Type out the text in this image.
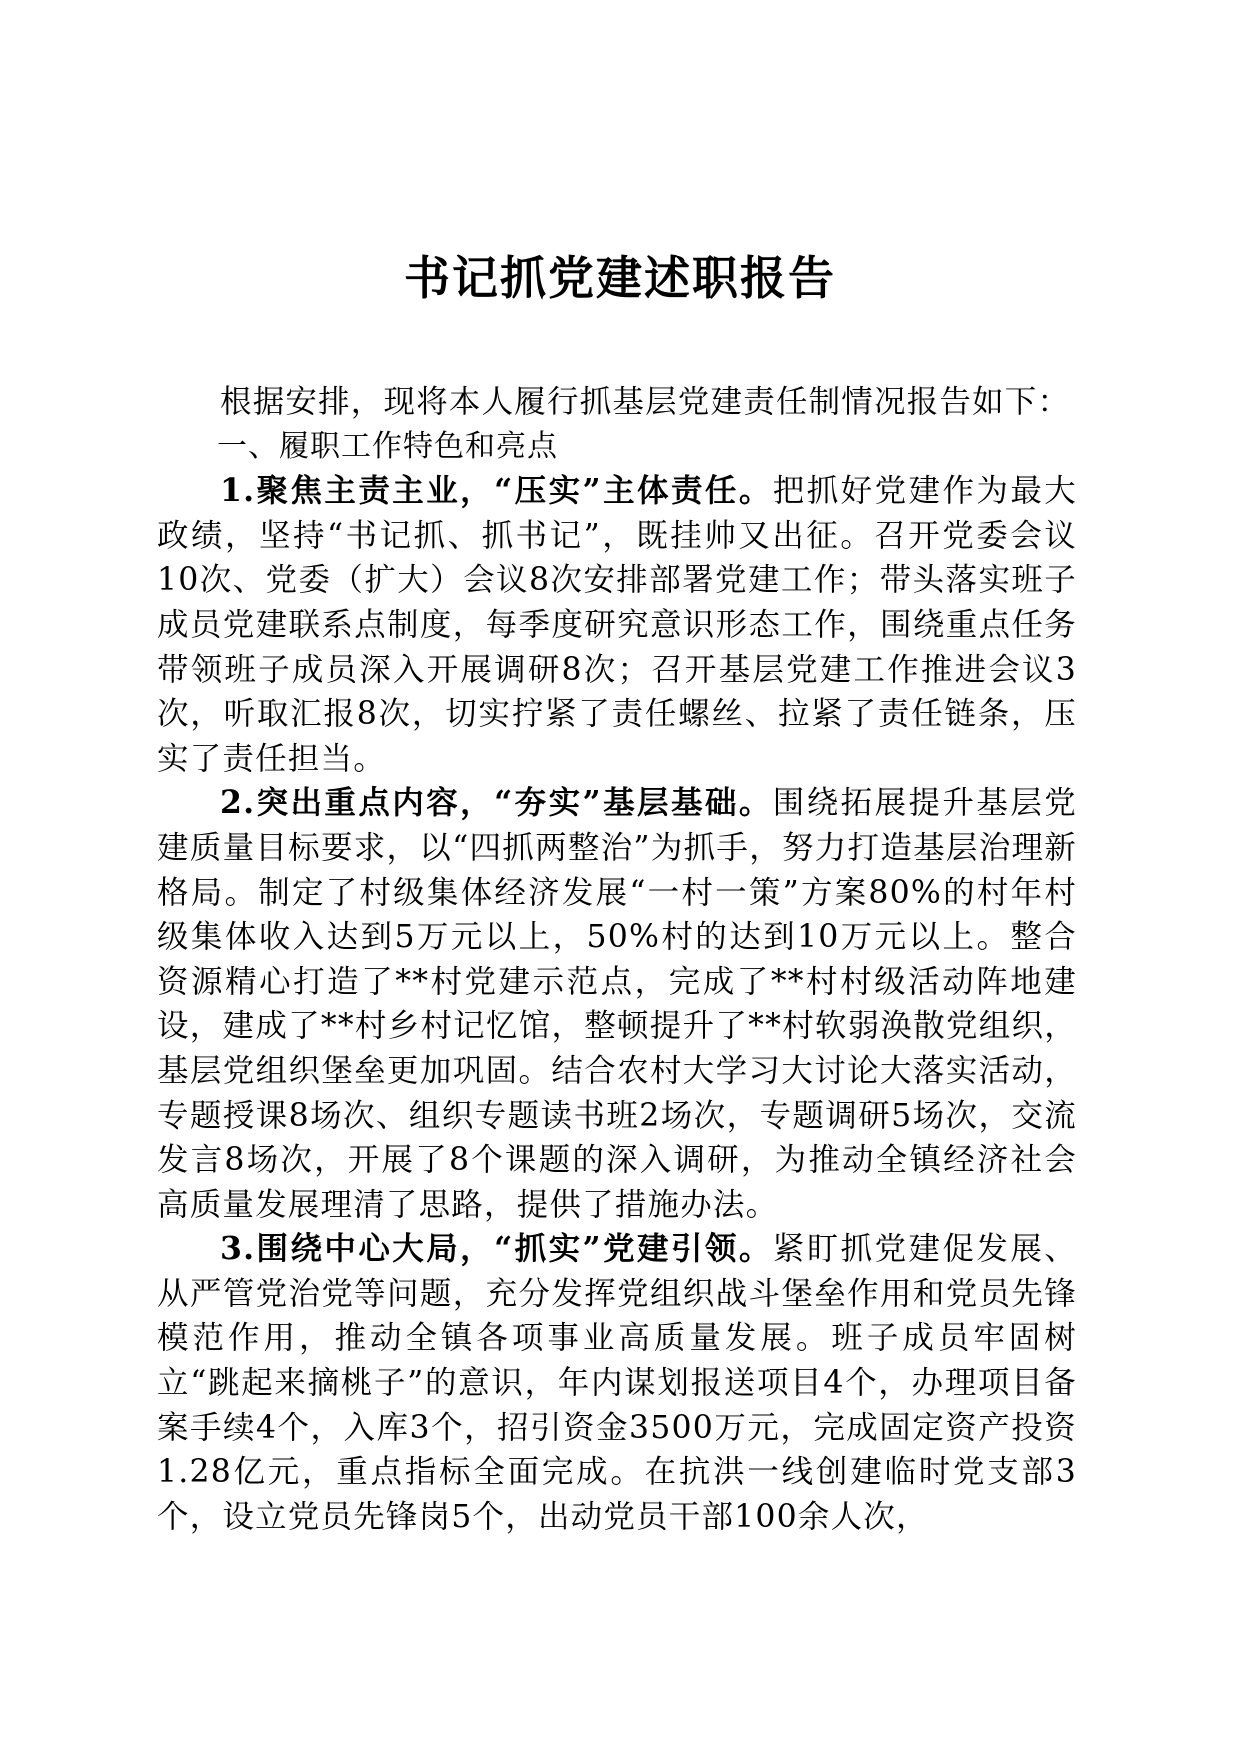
书记抓党建述职报告

根据安排，现将本人履行抓基层党建责任制情况报告如下：

一、履职工作特色和亮点

1.聚焦主责主业，“压实”主体责任。把抓好党建作为最大政绩，坚持“书记抓、抓书记”，既挂帅又出征。召开党委会议10次、党委（扩大）会议8次安排部署党建工作；带头落实班子成员党建联系点制度，每季度研究意识形态工作，围绕重点任务带领班子成员深入开展调研8次；召开基层党建工作推进会议3次，听取汇报8次，切实拧紧了责任螺丝、拉紧了责任链条，压实了责任担当。

2.突出重点内容，“夯实”基层基础。围绕拓展提升基层党建质量目标要求，以“四抓两整治”为抓手，努力打造基层治理新格局。制定了村级集体经济发展“一村一策”方案80%的村年村级集体收入达到5万元以上，50%村的达到10万元以上。整合资源精心打造了**村党建示范点，完成了**村村级活动阵地建设，建成了**村乡村记忆馆，整顿提升了**村软弱涣散党组织，基层党组织堡垒更加巩固。结合农村大学习大讨论大落实活动，专题授课8场次、组织专题读书班2场次，专题调研5场次，交流发言8场次，开展了8个课题的深入调研，为推动全镇经济社会高质量发展理清了思路，提供了措施办法。

3.围绕中心大局，“抓实”党建引领。紧盯抓党建促发展、从严管党治党等问题，充分发挥党组织战斗堡垒作用和党员先锋模范作用，推动全镇各项事业高质量发展。班子成员牢固树立“跳起来摘桃子”的意识，年内谋划报送项目4个，办理项目备案手续4个，入库3个，招引资金3500万元，完成固定资产投资1.28亿元，重点指标全面完成。在抗洪一线创建临时党支部3个，设立党员先锋岗5个，出动党员干部100余人次，
